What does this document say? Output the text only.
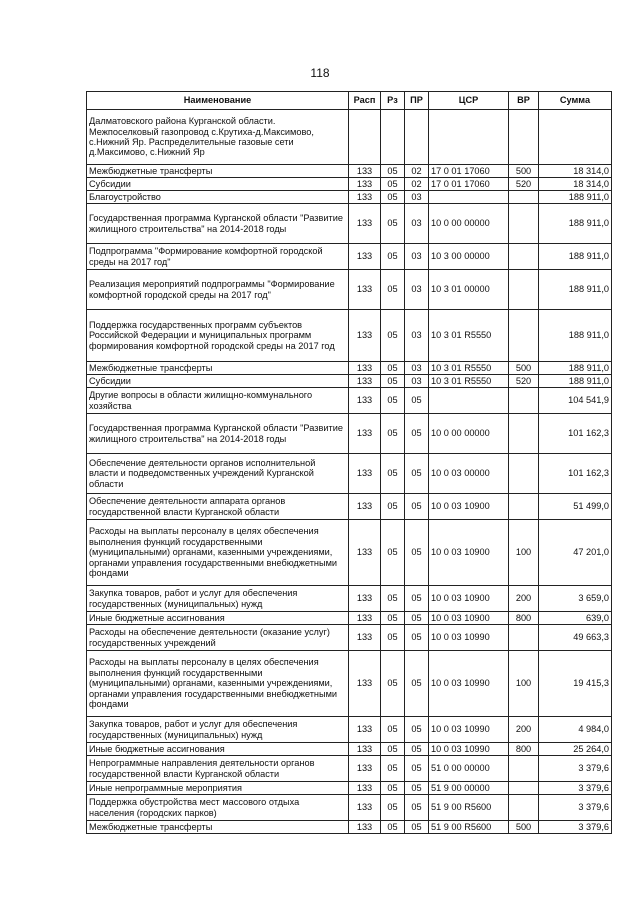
118
Наименование	Расп	Рз	ПР	ЦСР	ВР	Сумма
Далматовского района Курганской области. Межпоселковый газопровод с.Крутиха-д.Максимово, с.Нижний Яр. Распределительные газовые сети д.Максимово, с.Нижний Яр						
Межбюджетные трансферты	133	05	02	17 0 01 17060	500	18 314,0
Субсидии	133	05	02	17 0 01 17060	520	18 314,0
Благоустройство	133	05	03			188 911,0
Государственная программа Курганской области "Развитие жилищного строительства" на 2014-2018 годы	133	05	03	10 0 00 00000		188 911,0
Подпрограмма "Формирование комфортной городской среды на 2017 год"	133	05	03	10 3 00 00000		188 911,0
Реализация мероприятий подпрограммы "Формирование комфортной городской среды на 2017 год"	133	05	03	10 3 01 00000		188 911,0
Поддержка государственных программ субъектов Российской Федерации и муниципальных программ формирования комфортной городской среды на 2017 год	133	05	03	10 3 01 R5550		188 911,0
Межбюджетные трансферты	133	05	03	10 3 01 R5550	500	188 911,0
Субсидии	133	05	03	10 3 01 R5550	520	188 911,0
Другие вопросы в области жилищно-коммунального хозяйства	133	05	05			104 541,9
Государственная программа Курганской области "Развитие жилищного строительства" на 2014-2018 годы	133	05	05	10 0 00 00000		101 162,3
Обеспечение деятельности органов исполнительной власти и подведомственных учреждений Курганской области	133	05	05	10 0 03 00000		101 162,3
Обеспечение деятельности аппарата органов государственной власти Курганской области	133	05	05	10 0 03 10900		51 499,0
Расходы на выплаты персоналу в целях обеспечения выполнения функций государственными (муниципальными) органами, казенными учреждениями, органами управления государственными внебюджетными фондами	133	05	05	10 0 03 10900	100	47 201,0
Закупка товаров, работ и услуг для обеспечения государственных (муниципальных) нужд	133	05	05	10 0 03 10900	200	3 659,0
Иные бюджетные ассигнования	133	05	05	10 0 03 10900	800	639,0
Расходы на обеспечение деятельности (оказание услуг) государственных учреждений	133	05	05	10 0 03 10990		49 663,3
Расходы на выплаты персоналу в целях обеспечения выполнения функций государственными (муниципальными) органами, казенными учреждениями, органами управления государственными внебюджетными фондами	133	05	05	10 0 03 10990	100	19 415,3
Закупка товаров, работ и услуг для обеспечения государственных (муниципальных) нужд	133	05	05	10 0 03 10990	200	4 984,0
Иные бюджетные ассигнования	133	05	05	10 0 03 10990	800	25 264,0
Непрограммные направления деятельности органов государственной власти Курганской области	133	05	05	51 0 00 00000		3 379,6
Иные непрограммные мероприятия	133	05	05	51 9 00 00000		3 379,6
Поддержка обустройства мест массового отдыха населения (городских парков)	133	05	05	51 9 00 R5600		3 379,6
Межбюджетные трансферты	133	05	05	51 9 00 R5600	500	3 379,6
